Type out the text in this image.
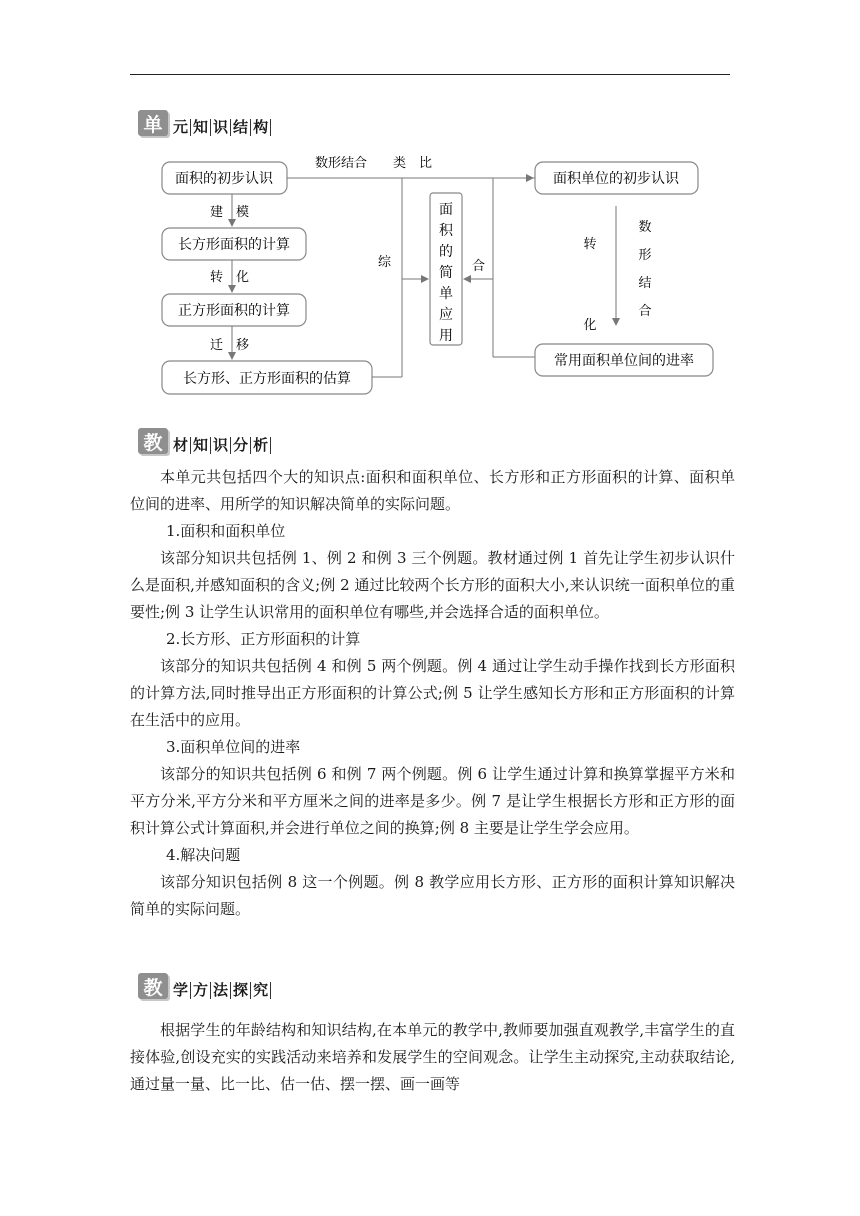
单 元 知 识 结 构
面积的初步认识
长方形面积的计算
正方形面积的计算
长方形、正方形面积的估算
建　模
转　化
迁　移
数形结合　　类　比
综
面积的简单应用
合
面积单位的初步认识
常用面积单位间的进率
转　　化
数形结合
教 材 知 识 分 析

本单元共包括四个大的知识点:面积和面积单位、长方形和正方形面积的计算、面积单位间的进率、用所学的知识解决简单的实际问题。

1.面积和面积单位

该部分知识共包括例 1、例 2 和例 3 三个例题。教材通过例 1 首先让学生初步认识什么是面积,并感知面积的含义;例 2 通过比较两个长方形的面积大小,来认识统一面积单位的重要性;例 3 让学生认识常用的面积单位有哪些,并会选择合适的面积单位。

2.长方形、正方形面积的计算

该部分的知识共包括例 4 和例 5 两个例题。例 4 通过让学生动手操作找到长方形面积的计算方法,同时推导出正方形面积的计算公式;例 5 让学生感知长方形和正方形面积的计算在生活中的应用。

3.面积单位间的进率

该部分的知识共包括例 6 和例 7 两个例题。例 6 让学生通过计算和换算掌握平方米和平方分米,平方分米和平方厘米之间的进率是多少。例 7 是让学生根据长方形和正方形的面积计算公式计算面积,并会进行单位之间的换算;例 8 主要是让学生学会应用。

4.解决问题

该部分知识包括例 8 这一个例题。例 8 教学应用长方形、正方形的面积计算知识解决简单的实际问题。

教 学 方 法 探 究

根据学生的年龄结构和知识结构,在本单元的教学中,教师要加强直观教学,丰富学生的直接体验,创设充实的实践活动来培养和发展学生的空间观念。让学生主动探究,主动获取结论,通过量一量、比一比、估一估、摆一摆、画一画等
